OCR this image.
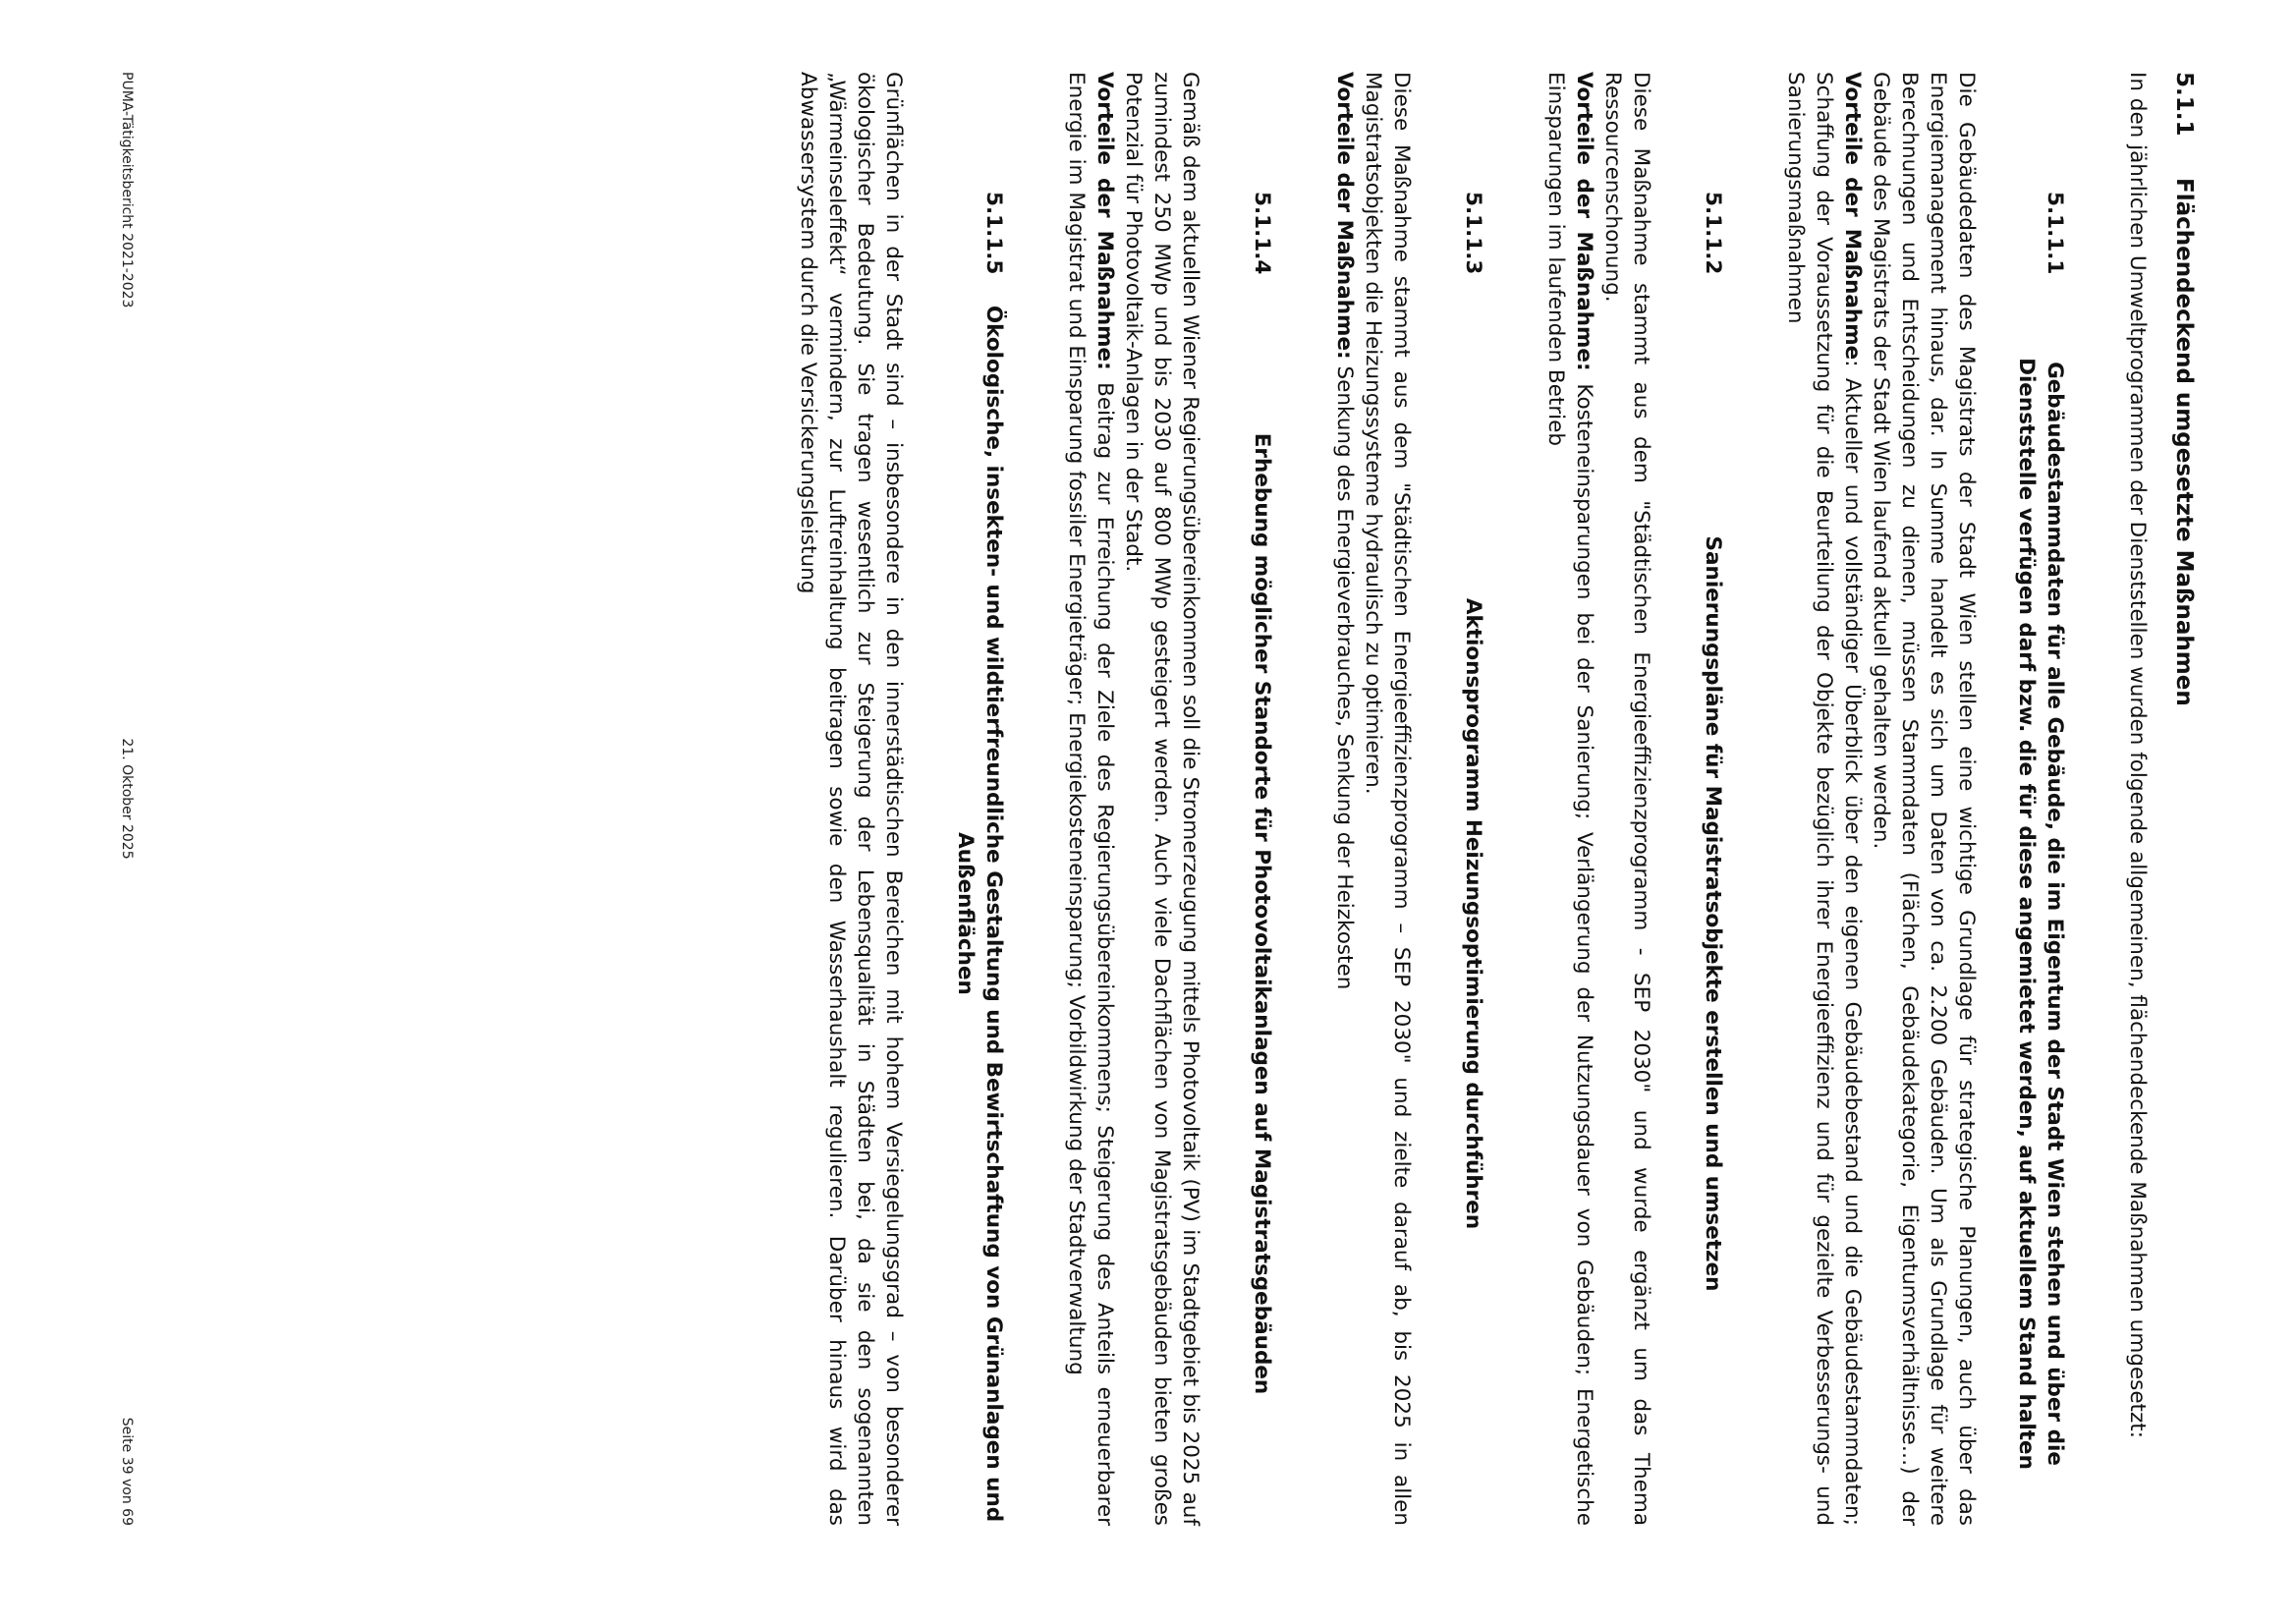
5.1.1
Flächendeckend umgesetzte Maßnahmen

In den jährlichen Umweltprogrammen der Dienststellen wurden folgende allgemeinen, flächendeckende Maßnahmen umgesetzt:

5.1.1.1
Gebäudestammdaten für alle Gebäude, die im Eigentum der Stadt Wien stehen und über die Dienststelle verfügen darf bzw. die für diese angemietet werden, auf aktuellem Stand halten

Die Gebäudedaten des Magistrats der Stadt Wien stellen eine wichtige Grundlage für strategische Planungen, auch über das Energiemanagement hinaus, dar. In Summe handelt es sich um Daten von ca. 2.200 Gebäuden. Um als Grundlage für weitere Berechnungen und Entscheidungen zu dienen, müssen Stammdaten (Flächen, Gebäudekategorie, Eigentumsverhältnisse…) der Gebäude des Magistrats der Stadt Wien laufend aktuell gehalten werden.

Vorteile der Maßnahme: Aktueller und vollständiger Überblick über den eigenen Gebäudebestand und die Gebäudestammdaten; Schaffung der Voraussetzung für die Beurteilung der Objekte bezüglich ihrer Energieeffizienz und für gezielte Verbesserungs- und Sanierungsmaßnahmen

5.1.1.2
Sanierungspläne für Magistratsobjekte erstellen und umsetzen

Diese Maßnahme stammt aus dem "Städtischen Energieeffizienzprogramm - SEP 2030" und wurde ergänzt um das Thema Ressourcenschonung.

Vorteile der Maßnahme: Kosteneinsparungen bei der Sanierung; Verlängerung der Nutzungsdauer von Gebäuden; Energetische Einsparungen im laufenden Betrieb

5.1.1.3
Aktionsprogramm Heizungsoptimierung durchführen

Diese Maßnahme stammt aus dem "Städtischen Energieeffizienzprogramm – SEP 2030" und zielte darauf ab, bis 2025 in allen Magistratsobjekten die Heizungssysteme hydraulisch zu optimieren.

Vorteile der Maßnahme: Senkung des Energieverbrauches, Senkung der Heizkosten

5.1.1.4
Erhebung möglicher Standorte für Photovoltaikanlagen auf Magistratsgebäuden

Gemäß dem aktuellen Wiener Regierungsübereinkommen soll die Stromerzeugung mittels Photovoltaik (PV) im Stadtgebiet bis 2025 auf zumindest 250 MWp und bis 2030 auf 800 MWp gesteigert werden. Auch viele Dachflächen von Magistratsgebäuden bieten großes Potenzial für Photovoltaik-Anlagen in der Stadt.

Vorteile der Maßnahme: Beitrag zur Erreichung der Ziele des Regierungsübereinkommens; Steigerung des Anteils erneuerbarer Energie im Magistrat und Einsparung fossiler Energieträger; Energiekosteneinsparung; Vorbildwirkung der Stadtverwaltung

5.1.1.5
Ökologische, insekten- und wildtierfreundliche Gestaltung und Bewirtschaftung von Grünanlagen und Außenflächen

Grünflächen in der Stadt sind – insbesondere in den innerstädtischen Bereichen mit hohem Versiegelungsgrad – von besonderer ökologischer Bedeutung. Sie tragen wesentlich zur Steigerung der Lebensqualität in Städten bei, da sie den sogenannten „Wärmeinseleffekt“ vermindern, zur Luftreinhaltung beitragen sowie den Wasserhaushalt regulieren. Darüber hinaus wird das Abwassersystem durch die Versickerungsleistung

PUMA-Tätigkeitsbericht 2021-2023
21. Oktober 2025
Seite 39 von 69
